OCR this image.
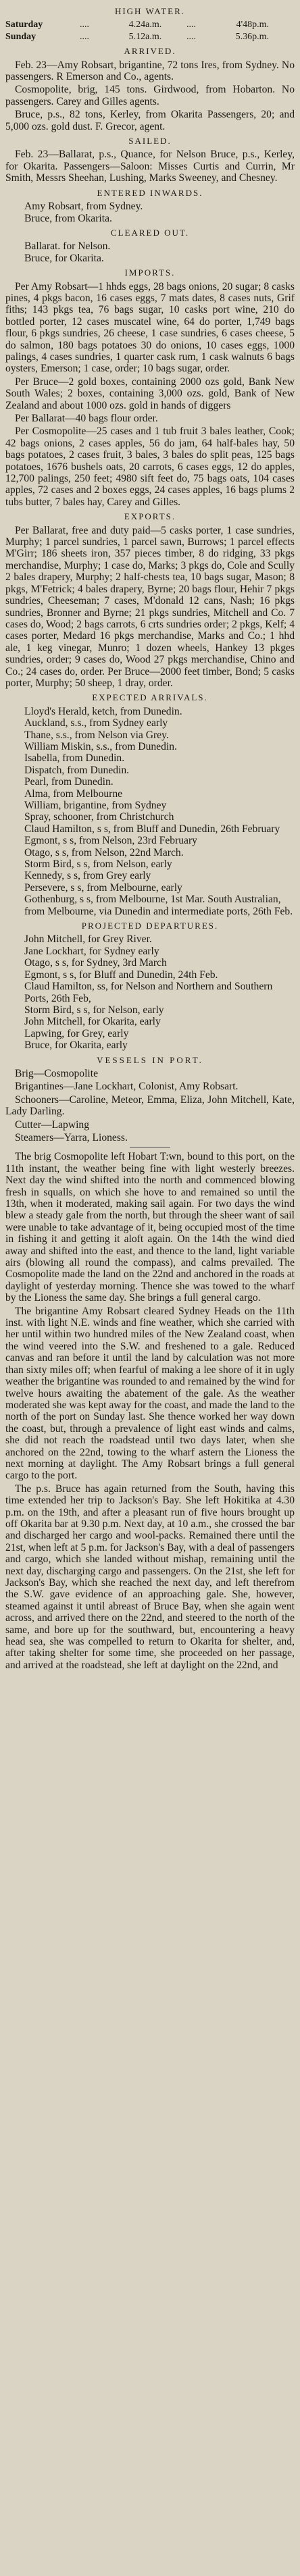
HIGH WATER.
Saturday	....	4.24	a.m.	....	4'48	p.m.
Sunday	....	5.12	a.m.	....	5.36	p.m.
ARRIVED.

Feb. 23—Amy Robsart, brigantine, 72 tons Ires, from Sydney. No passengers. R Emerson and Co., agents.

Cosmopolite, brig, 145 tons. Girdwood, from Hobarton. No passengers. Carey and Gilles agents.

Bruce, p.s., 82 tons, Kerley, from Okarita Passengers, 20; and 5,000 ozs. gold dust. F. Grecor, agent.

SAILED.

Feb. 23—Ballarat, p.s., Quance, for Nelson Bruce, p.s., Kerley, for Okarita. Passengers—Saloon: Misses Curtis and Currin, Mr Smith, Messrs Sheehan, Lushing, Marks Sweeney, and Chesney.

ENTERED INWARDS.

Amy Robsart, from Sydney.

Bruce, from Okarita.

CLEARED OUT.

Ballarat. for Nelson.

Bruce, for Okarita.

IMPORTS.

Per Amy Robsart—1 hhds eggs, 28 bags onions, 20 sugar; 8 casks pines, 4 pkgs bacon, 16 cases eggs, 7 mats dates, 8 cases nuts, Grif fiths; 143 pkgs tea, 76 bags sugar, 10 casks port wine, 210 do bottled porter, 12 cases muscatel wine, 64 do porter, 1,749 bags flour, 6 pkgs sundries, 26 cheese, 1 case sundries, 6 cases cheese, 5 do salmon, 180 bags potatoes 30 do onions, 10 cases eggs, 1000 palings, 4 cases sundries, 1 quarter cask rum, 1 cask walnuts 6 bags oysters, Emerson; 1 case, order; 10 bags sugar, order.

Per Bruce—2 gold boxes, containing 2000 ozs gold, Bank New South Wales; 2 boxes, containing 3,000 ozs. gold, Bank of New Zealand and about 1000 ozs. gold in hands of diggers

Per Ballarat—40 bags flour order.

Per Cosmopolite—25 cases and 1 tub fruit 3 bales leather, Cook; 42 bags onions, 2 cases apples, 56 do jam, 64 half-bales hay, 50 bags potatoes, 2 cases fruit, 3 bales, 3 bales do split peas, 125 bags potatoes, 1676 bushels oats, 20 carrots, 6 cases eggs, 12 do apples, 12,700 palings, 250 feet; 4980 sift feet do, 75 bags oats, 104 cases apples, 72 cases and 2 boxes eggs, 24 cases apples, 16 bags plums 2 tubs butter, 7 bales hay, Carey and Gilles.

EXPORTS.

Per Ballarat, free and duty paid—5 casks porter, 1 case sundries, Murphy; 1 parcel sundries, 1 parcel sawn, Burrows; 1 parcel effects M'Girr; 186 sheets iron, 357 pieces timber, 8 do ridging, 33 pkgs merchandise, Murphy; 1 case do, Marks; 3 pkgs do, Cole and Scully 2 bales drapery, Murphy; 2 half-chests tea, 10 bags sugar, Mason; 8 pkgs, M'Fetrick; 4 bales drapery, Byrne; 20 bags flour, Hehir 7 pkgs sundries, Cheeseman; 7 cases, M'donald 12 cans, Nash; 16 pkgs sundries, Bronner and Byrne; 21 pkgs sundries, Mitchell and Co. 7 cases do, Wood; 2 bags carrots, 6 crts sundries order; 2 pkgs, Kelf; 4 cases porter, Medard 16 pkgs merchandise, Marks and Co.; 1 hhd ale, 1 keg vinegar, Munro; 1 dozen wheels, Hankey 13 pkges sundries, order; 9 cases do, Wood 27 pkgs merchandise, Chino and Co.; 24 cases do, order. Per Bruce—2000 feet timber, Bond; 5 casks porter, Murphy; 50 sheep, 1 dray, order.

EXPECTED ARRIVALS.

Lloyd's Herald, ketch, from Dunedin.

Auckland, s.s., from Sydney early

Thane, s.s., from Nelson via Grey.

William Miskin, s.s., from Dunedin.

Isabella, from Dunedin.

Dispatch, from Dunedin.

Pearl, from Dunedin.

Alma, from Melbourne

William, brigantine, from Sydney

Spray, schooner, from Christchurch

Claud Hamilton, s s, from Bluff and Dunedin, 26th February

Egmont, s s, from Nelson, 23rd February

Otago, s s, from Nelson, 22nd March.

Storm Bird, s s, from Nelson, early

Kennedy, s s, from Grey early

Persevere, s s, from Melbourne, early

Gothenburg, s s, from Melbourne, 1st Mar. South Australian, from Melbourne, via Dunedin and intermediate ports, 26th Feb.

PROJECTED DEPARTURES.

John Mitchell, for Grey River.

Jane Lockhart, for Sydney early

Otago, s s, for Sydney, 3rd March

Egmont, s s, for Bluff and Dunedin, 24th Feb.

Claud Hamilton, ss, for Nelson and Northern and Southern Ports, 26th Feb,

Storm Bird, s s, for Nelson, early

John Mitchell, for Okarita, early

Lapwing, for Grey, early

Bruce, for Okarita, early

VESSELS IN PORT.

Brig—Cosmopolite

Brigantines—Jane Lockhart, Colonist, Amy Robsart.

Schooners—Caroline, Meteor, Emma, Eliza, John Mitchell, Kate, Lady Darling.

Cutter—Lapwing

Steamers—Yarra, Lioness.

The brig Cosmopolite left Hobart T:wn, bound to this port, on the 11th instant, the weather being fine with light westerly breezes. Next day the wind shifted into the north and commenced blowing fresh in squalls, on which she hove to and remained so until the 13th, when it moderated, making sail again. For two days the wind blew a steady gale from the north, but through the sheer want of sail were unable to take advantage of it, being occupied most of the time in fishing it and getting it aloft again. On the 14th the wind died away and shifted into the east, and thence to the land, light variable airs (blowing all round the compass), and calms prevailed. The Cosmopolite made the land on the 22nd and anchored in the roads at daylight of yesterday morning. Thence she was towed to the wharf by the Lioness the same day. She brings a full general cargo.

The brigantine Amy Robsart cleared Sydney Heads on the 11th inst. with light N.E. winds and fine weather, which she carried with her until within two hundred miles of the New Zealand coast, when the wind veered into the S.W. and freshened to a gale. Reduced canvas and ran before it until the land by calculation was not more than sixty miles off; when fearful of making a lee shore of it in ugly weather the brigantine was rounded to and remained by the wind for twelve hours awaiting the abatement of the gale. As the weather moderated she was kept away for the coast, and made the land to the north of the port on Sunday last. She thence worked her way down the coast, but, through a prevalence of light east winds and calms, she did not reach the roadstead until two days later, when she anchored on the 22nd, towing to the wharf astern the Lioness the next morning at daylight. The Amy Robsart brings a full general cargo to the port.

The p.s. Bruce has again returned from the South, having this time extended her trip to Jackson's Bay. She left Hokitika at 4.30 p.m. on the 19th, and after a pleasant run of five hours brought up off Okarita bar at 9.30 p.m. Next day, at 10 a.m., she crossed the bar and discharged her cargo and wool-packs. Remained there until the 21st, when left at 5 p.m. for Jackson's Bay, with a deal of passengers and cargo, which she landed without mishap, remaining until the next day, discharging cargo and passengers. On the 21st, she left for Jackson's Bay, which she reached the next day, and left therefrom the S.W. gave evidence of an approaching gale. She, however, steamed against it until abreast of Bruce Bay, when she again went across, and arrived there on the 22nd, and steered to the north of the same, and bore up for the southward, but, encountering a heavy head sea, she was compelled to return to Okarita for shelter, and, after taking shelter for some time, she proceeded on her passage, and arrived at the roadstead, she left at daylight on the 22nd, and
